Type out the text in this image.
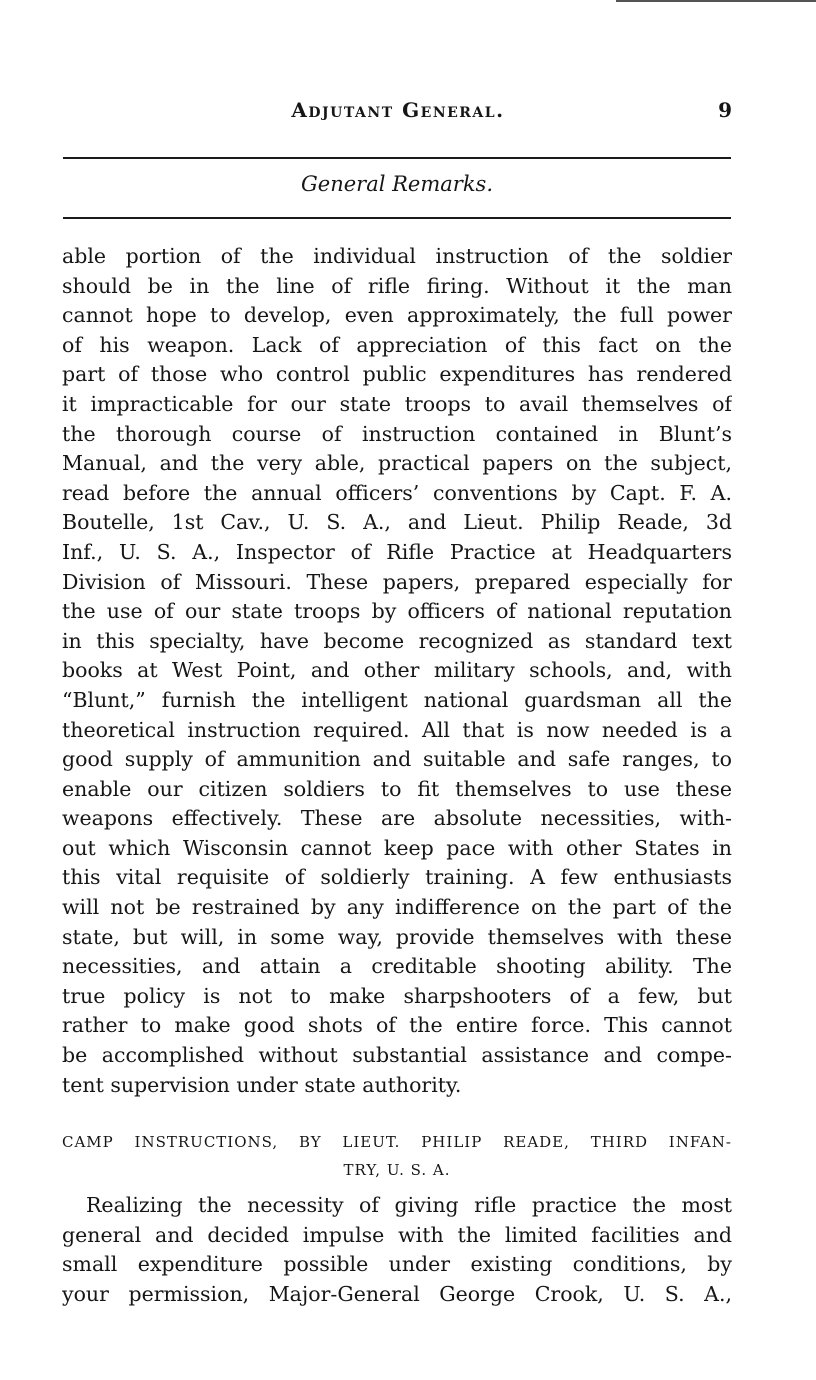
Adjutant General.	9
General Remarks.
able portion of the individual instruction of the soldier
should be in the line of rifle firing. Without it the man
cannot hope to develop, even approximately, the full power
of his weapon. Lack of appreciation of this fact on the
part of those who control public expenditures has rendered
it impracticable for our state troops to avail themselves of
the thorough course of instruction contained in Blunt’s
Manual, and the very able, practical papers on the subject,
read before the annual officers’ conventions by Capt. F. A.
Boutelle, 1st Cav., U. S. A., and Lieut. Philip Reade, 3d
Inf., U. S. A., Inspector of Rifle Practice at Headquarters
Division of Missouri. These papers, prepared especially for
the use of our state troops by officers of national reputation
in this specialty, have become recognized as standard text
books at West Point, and other military schools, and, with
“Blunt,” furnish the intelligent national guardsman all the
theoretical instruction required. All that is now needed is a
good supply of ammunition and suitable and safe ranges, to
enable our citizen soldiers to fit themselves to use these
weapons effectively. These are absolute necessities, with-
out which Wisconsin cannot keep pace with other States in
this vital requisite of soldierly training. A few enthusiasts
will not be restrained by any indifference on the part of the
state, but will, in some way, provide themselves with these
necessities, and attain a creditable shooting ability. The
true policy is not to make sharpshooters of a few, but
rather to make good shots of the entire force. This cannot
be accomplished without substantial assistance and compe-
tent supervision under state authority.
CAMP INSTRUCTIONS, BY LIEUT. PHILIP READE, THIRD INFAN-
TRY, U. S. A.
Realizing the necessity of giving rifle practice the most
general and decided impulse with the limited facilities and
small expenditure possible under existing conditions, by
your permission, Major-General George Crook, U. S. A.,
